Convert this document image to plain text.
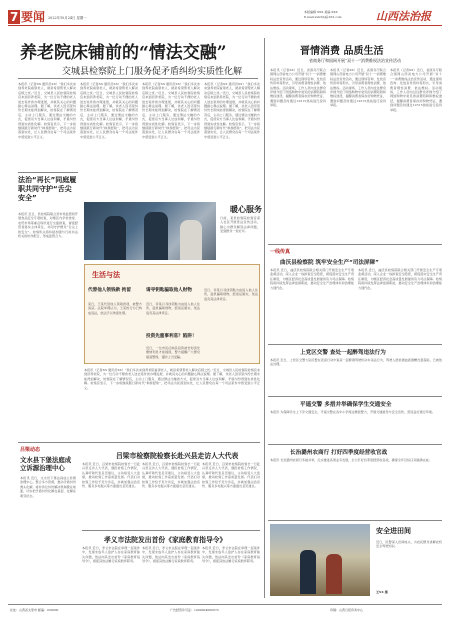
7 要闻 2022年10月24日 星期一
本版编辑 XXX 美编 XXX
E-mail:sxfzbbj@163.com	山西法治报
养老院床铺前的“情法交融”
交城县检察院上门服务促矛盾纠纷实质性化解
本报讯（记者XX 通讯员XX）“我们多次来到养老院看望老人，就是希望帮老人解决后顾之忧。”近日，交城县人民检察院检察官来到县养老院，为一位行动不便的老人送去案件的办理进展，并就其关心的问题耐心释法说理。据了解，该老人因邻里纠纷长期未能得到解决，检察院在了解情况后，主动上门服务，通过情法交融的方式，促使双方当事人达成和解，矛盾纠纷得到实质性化解。检察官表示，下一步将继续践行新时代“枫桥经验”，把司法为民落到实处，让人民群众在每一个司法案件中感受到公平正义。
本报讯（记者XX 通讯员XX）“我们多次来到养老院看望老人，就是希望帮老人解决后顾之忧。”近日，交城县人民检察院检察官来到县养老院，为一位行动不便的老人送去案件的办理进展，并就其关心的问题耐心释法说理。据了解，该老人因邻里纠纷长期未能得到解决，检察院在了解情况后，主动上门服务，通过情法交融的方式，促使双方当事人达成和解，矛盾纠纷得到实质性化解。检察官表示，下一步将继续践行新时代“枫桥经验”，把司法为民落到实处，让人民群众在每一个司法案件中感受到公平正义。
本报讯（记者XX 通讯员XX）“我们多次来到养老院看望老人，就是希望帮老人解决后顾之忧。”近日，交城县人民检察院检察官来到县养老院，为一位行动不便的老人送去案件的办理进展，并就其关心的问题耐心释法说理。据了解，该老人因邻里纠纷长期未能得到解决，检察院在了解情况后，主动上门服务，通过情法交融的方式，促使双方当事人达成和解，矛盾纠纷得到实质性化解。检察官表示，下一步将继续践行新时代“枫桥经验”，把司法为民落到实处，让人民群众在每一个司法案件中感受到公平正义。
本报讯（记者XX 通讯员XX）“我们多次来到养老院看望老人，就是希望帮老人解决后顾之忧。”近日，交城县人民检察院检察官来到县养老院，为一位行动不便的老人送去案件的办理进展，并就其关心的问题耐心释法说理。据了解，该老人因邻里纠纷长期未能得到解决，检察院在了解情况后，主动上门服务，通过情法交融的方式，促使双方当事人达成和解，矛盾纠纷得到实质性化解。检察官表示，下一步将继续践行新时代“枫桥经验”，把司法为民落到实处，让人民群众在每一个司法案件中感受到公平正义。
法治“再长”同庭履职共同守护“舌尖安全”
本报讯 近日，县检察院联合县市场监管局开展食品安全专项检查，对辖区内学校食堂、农贸市场等重点场所进行全面排查，督促经营者落实主体责任，共同守护群众“舌尖上的安全”。检察机关将持续加强与行政执法机关的协作配合，形成监管合力。
暖心服务
日前，某县检察院检察官深入社区开展普法宣传活动，耐心为群众解答法律问题，受到群众一致好评。
生活与法
代替他人领钱款 拘留
某日，王某代替他人领取款项，被警方查获。法院审理认为，王某的行为已构成违法，依法予以拘留处理。
请寻钥匙骗取他人财物
近日，李某以寻找钥匙为由进入他人住所，趁机骗取财物，经查证属实，依法追究其法律责任。
投资先重事利息？陷阱！
近日，一位市民反映其投资被告知需先缴纳利息才能提现，警方提醒广大群众提高警惕，谨防上当受骗。
近日，李某以寻找钥匙为由进入他人住所，趁机骗取财物，经查证属实，依法追究其法律责任。
本报讯（记者XX 通讯员XX）“我们多次来到养老院看望老人，就是希望帮老人解决后顾之忧。”近日，交城县人民检察院检察官来到县养老院，为一位行动不便的老人送去案件的办理进展，并就其关心的问题耐心释法说理。据了解，该老人因邻里纠纷长期未能得到解决，检察院在了解情况后，主动上门服务，通过情法交融的方式，促使双方当事人达成和解，矛盾纠纷得到实质性化解。检察官表示，下一步将继续践行新时代“枫桥经验”，把司法为民落到实处，让人民群众在每一个司法案件中感受到公平正义。
晋情消费 品质生活
省商务厅和国网开展“双十一”消费维权法治宣传活动
本报讯（记者XX）近日，省商务厅联合国网山西省电力公司开展“双十一”消费维权法治宣传活动，通过现场咨询、发放宣传资料等形式，引导消费者理性消费、依法维权。活动现场，工作人员向过往群众详细介绍了网络购物中常见的消费陷阱和维权途径，提醒消费者保存好购物凭证，遇到问题及时通过12315热线进行投诉举报。
本报讯（记者XX）近日，省商务厅联合国网山西省电力公司开展“双十一”消费维权法治宣传活动，通过现场咨询、发放宣传资料等形式，引导消费者理性消费、依法维权。活动现场，工作人员向过往群众详细介绍了网络购物中常见的消费陷阱和维权途径，提醒消费者保存好购物凭证，遇到问题及时通过12315热线进行投诉举报。
本报讯（记者XX）近日，省商务厅联合国网山西省电力公司开展“双十一”消费维权法治宣传活动，通过现场咨询、发放宣传资料等形式，引导消费者理性消费、依法维权。活动现场，工作人员向过往群众详细介绍了网络购物中常见的消费陷阱和维权途径，提醒消费者保存好购物凭证，遇到问题及时通过12315热线进行投诉举报。
一线传真
曲沃县检察院 筑牢安全生产“司法屏障”
本报讯 近日，曲沃县检察院联合相关部门开展安全生产专项监督活动，深入企业一线排查安全隐患，督促落实安全生产责任制度，为辖区经济社会高质量发展提供有力司法保障。检察院将持续发挥法律监督职能，推动安全生产治理体系和治理能力现代化。
本报讯 近日，曲沃县检察院联合相关部门开展安全生产专项监督活动，深入企业一线排查安全隐患，督促落实安全生产责任制度，为辖区经济社会高质量发展提供有力司法保障。检察院将持续发挥法律监督职能，推动安全生产治理体系和治理能力现代化。
上党区交警 查处一起醉驾违法行为
本报讯 近日，上党区交警大队民警在夜查行动中查获一起醉酒驾驶机动车违法行为，驾驶人经检测血液酒精含量超标，已被依法处理。
平遥交警 多措并举确保学生交通安全
本报讯 为保障学生上下学交通安全，平遥交警在各中小学周边增派警力，开展交通疏导与安全宣传，营造良好通行环境。
长治潞州农商行 打好四季度经营收官战
本报讯 长治潞州农商行多措并举，扎实推进各项业务发展，全力打好四季度经营收官战，确保全年目标任务圆满完成。
安全进田间
近日，民警深入田间地头，为农民群众讲解农机安全驾驶知识。
王XX 摄
吕梁动态
文水县下堡法庭成立诉源治理中心
本报讯 近日，文水县下堡法庭成立诉源治理中心，整合多方资源，推动矛盾纠纷源头化解，将非诉讼纠纷解决机制挺在前面，切实把矛盾纠纷化解在基层、化解在萌芽状态。
吕梁市检察院检察长赴兴县走访人大代表
本报讯 近日，吕梁市检察院检察长一行赴兴县走访人大代表，通报检察工作情况，认真听取代表意见建议，主动接受人大监督，推动检察工作高质量发展。代表们对检察工作给予充分肯定，并就加强法治宣传、服务乡村振兴等方面提出意见建议。
本报讯 近日，吕梁市检察院检察长一行赴兴县走访人大代表，通报检察工作情况，认真听取代表意见建议，主动接受人大监督，推动检察工作高质量发展。代表们对检察工作给予充分肯定，并就加强法治宣传、服务乡村振兴等方面提出意见建议。
本报讯 近日，吕梁市检察院检察长一行赴兴县走访人大代表，通报检察工作情况，认真听取代表意见建议，主动接受人大监督，推动检察工作高质量发展。代表们对检察工作给予充分肯定，并就加强法治宣传、服务乡村振兴等方面提出意见建议。
孝义市法院发出首份《家庭教育指导令》
本报讯 近日，孝义市法院在审理一起案件中，发现未成年人监护人存在家庭教育缺失问题，依法向其发出首份《家庭教育指导令》，督促其依法履行家庭教育职责。
本报讯 近日，孝义市法院在审理一起案件中，发现未成年人监护人存在家庭教育缺失问题，依法向其发出首份《家庭教育指导令》，督促其依法履行家庭教育职责。
本报讯 近日，孝义市法院在审理一起案件中，发现未成年人监护人存在家庭教育缺失问题，依法向其发出首份《家庭教育指导令》，督促其依法履行家庭教育职责。
社址：山西省太原市 邮编：030000	广告经营许可证：1400004000072	印刷：山西日报印务中心
